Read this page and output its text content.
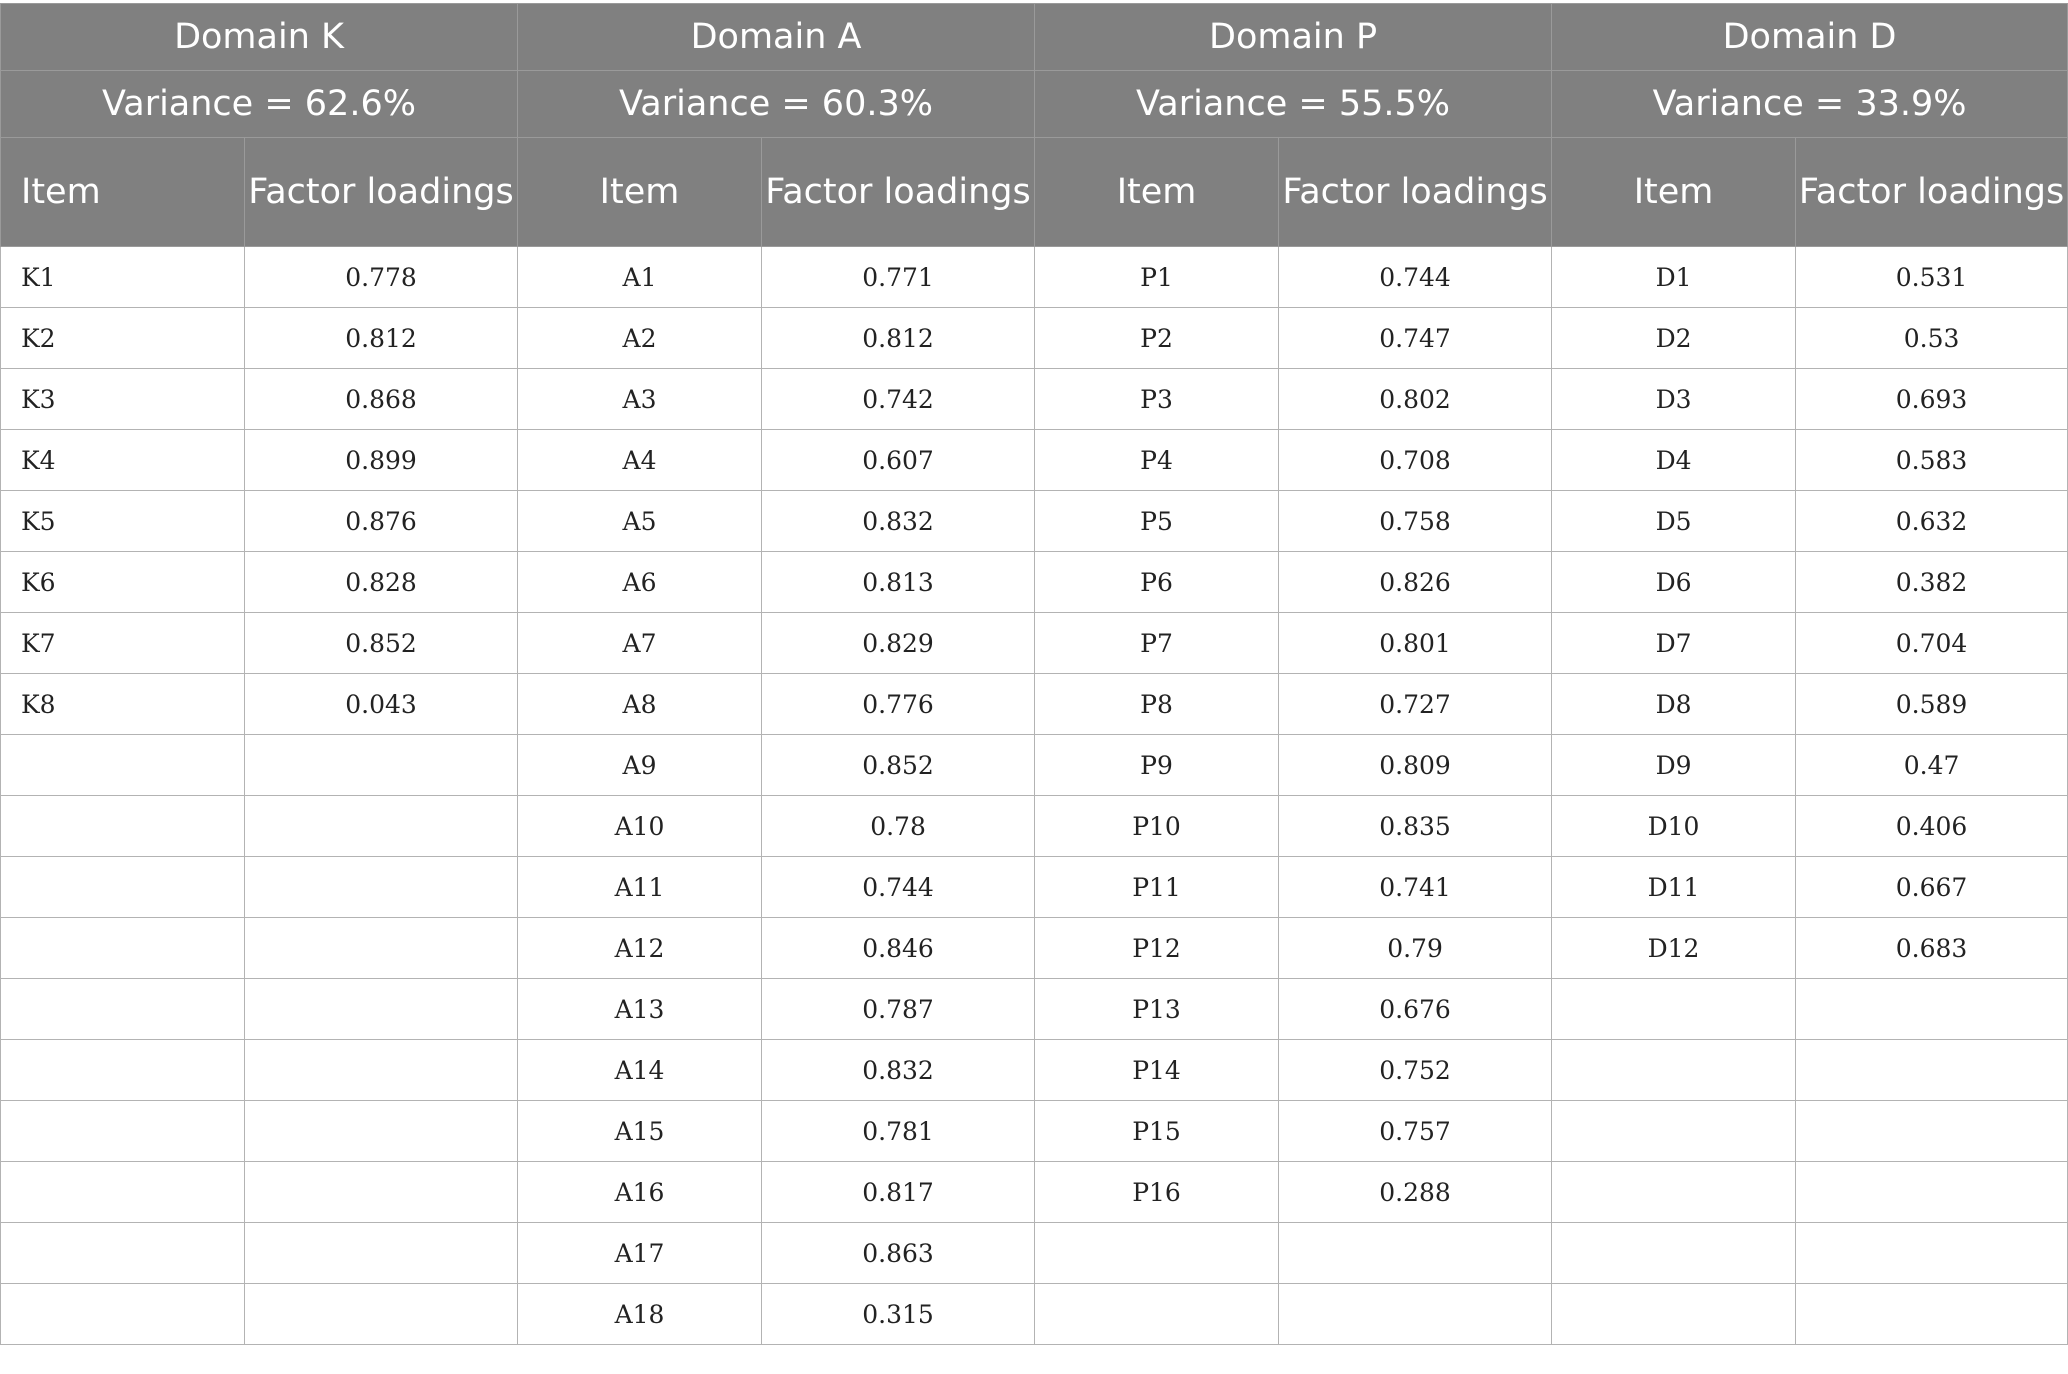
Domain K		Domain A		Domain P		Domain D	
Variance = 62.6%		Variance = 60.3%		Variance = 55.5%		Variance = 33.9%	
Item	Factor loadings	Item	Factor loadings	Item	Factor loadings	Item	Factor loadings
K1	0.778	A1	0.771	P1	0.744	D1	0.531
K2	0.812	A2	0.812	P2	0.747	D2	0.53
K3	0.868	A3	0.742	P3	0.802	D3	0.693
K4	0.899	A4	0.607	P4	0.708	D4	0.583
K5	0.876	A5	0.832	P5	0.758	D5	0.632
K6	0.828	A6	0.813	P6	0.826	D6	0.382
K7	0.852	A7	0.829	P7	0.801	D7	0.704
K8	0.043	A8	0.776	P8	0.727	D8	0.589
		A9	0.852	P9	0.809	D9	0.47
		A10	0.78	P10	0.835	D10	0.406
		A11	0.744	P11	0.741	D11	0.667
		A12	0.846	P12	0.79	D12	0.683
		A13	0.787	P13	0.676		
		A14	0.832	P14	0.752		
		A15	0.781	P15	0.757		
		A16	0.817	P16	0.288		
		A17	0.863				
		A18	0.315				
